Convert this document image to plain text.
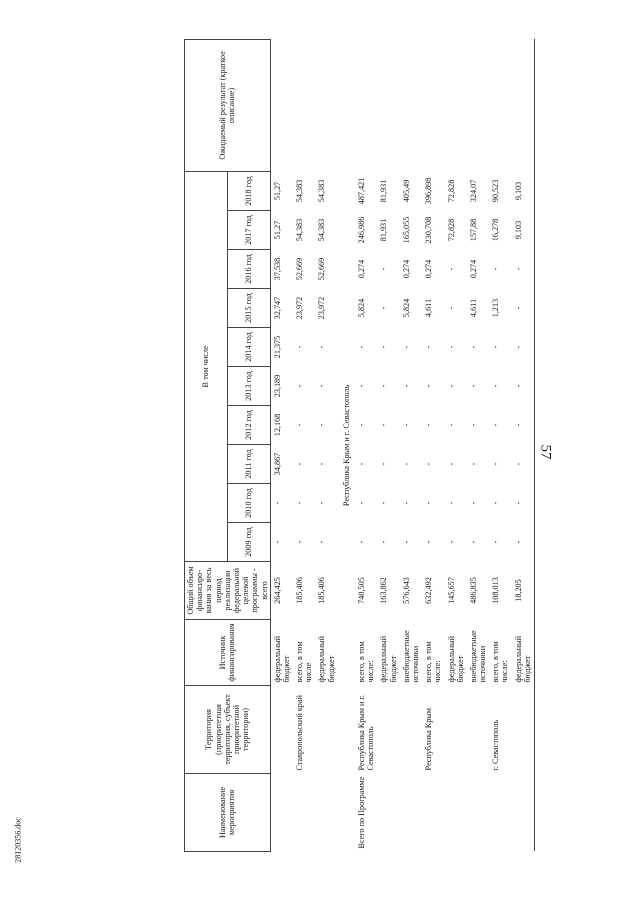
57
28120356.doc
Наименование мероприятия	Территория (приоритетная территория, субъект приоритетной территории)	Источник финансирования	Общий объем финансиро-вания за весь период реализации федеральной целевой программы - всего	В том числе										Ожидаемый результат (краткое описание)
				2009 год	2010 год	2011 год	2012 год	2013 год	2014 год	2015 год	2016 год	2017 год	2018 год	
		федеральный бюджет	264,425	-	-	34,867	12,168	23,189	21,375	32,747	37,538	51,27	51,27	
	Ставропольский край	всего, в том числе	185,406	-	-	-	-	-	-	23,972	52,669	54,383	54,383	
		федеральный бюджет	185,406	-	-	-	-	-	-	23,972	52,669	54,383	54,383	
Республика Крым и г. Севастополь														
Всего по Программе	Республика Крым и г. Севастополь	всего, в том числе:	740,505	-	-	-	-	-	-	5,824	0,274	246,986	487,421	
		федеральный бюджет	163,862	-	-	-	-	-	-	-	-	81,931	81,931	
		внебюджетные источники	576,643	-	-	-	-	-	-	5,824	0,274	165,055	405,49	
	Республика Крым	всего, в том числе:	632,492	-	-	-	-	-	-	4,611	0,274	230,708	396,898	
		федеральный бюджет	145,657	-	-	-	-	-	-	-	-	72,828	72,828	
		внебюджетные источники	486,835	-	-	-	-	-	-	4,611	0,274	157,88	324,07	
	г. Севастополь	всего, в том числе:	108,013	-	-	-	-	-	-	1,213	-	16,278	90,523	
		федеральный бюджет	18,205	-	-	-	-	-	-	-	-	9,103	9,103	
